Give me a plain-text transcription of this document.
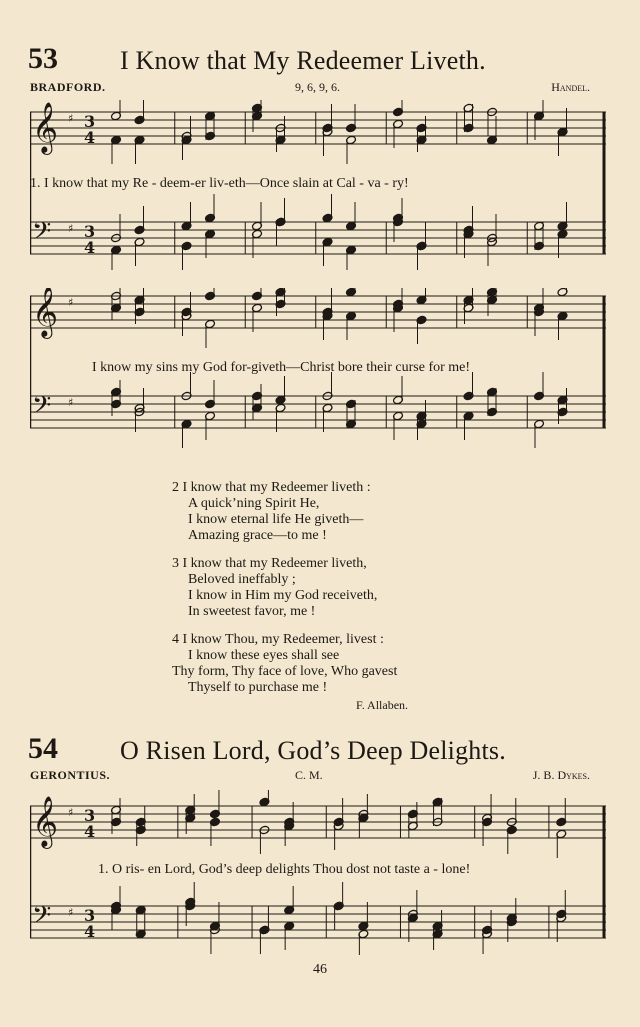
53 I Know that My Redeemer Liveth.
BRADFORD.	9, 6, 9, 6.	Handel.
𝄞 ♯ 3
4
𝄢 ♯ 3
4
1. I know that my Re - deem-er liv-eth—Once slain at Cal - va - ry!
𝄞 ♯
𝄢 ♯
I know my sins my God for-giveth—Christ bore their curse for me!
2 I know that my Redeemer liveth :
A quick’ning Spirit He,
I know eternal life He giveth—
Amazing grace—to me !
3 I know that my Redeemer liveth,
Beloved ineffably ;
I know in Him my God receiveth,
In sweetest favor, me !
4 I know Thou, my Redeemer, livest :
I know these eyes shall see
Thy form, Thy face of love, Who gavest
Thyself to purchase me !
F. Allaben.
54 O Risen Lord, God’s Deep Delights.
GERONTIUS.	C. M.	J. B. Dykes.
𝄞 ♯ 3
4
𝄢 ♯ 3
4
1. O ris- en Lord, God’s deep delights Thou dost not taste a - lone!
46
